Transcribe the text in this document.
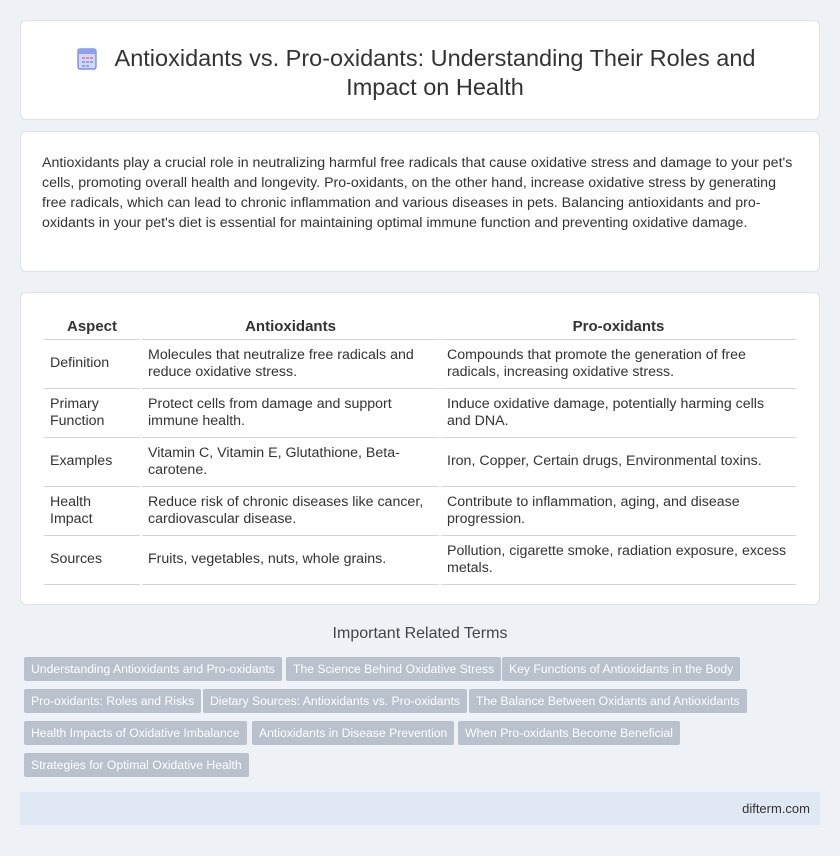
Antioxidants vs. Pro-oxidants: Understanding Their Roles and Impact on Health

Antioxidants play a crucial role in neutralizing harmful free radicals that cause oxidative stress and damage to your pet's cells, promoting overall health and longevity. Pro-oxidants, on the other hand, increase oxidative stress by generating free radicals, which can lead to chronic inflammation and various diseases in pets. Balancing antioxidants and pro-oxidants in your pet's diet is essential for maintaining optimal immune function and preventing oxidative damage.

Aspect	Antioxidants	Pro-oxidants
Definition	Molecules that neutralize free radicals and reduce oxidative stress.	Compounds that promote the generation of free radicals, increasing oxidative stress.
Primary Function	Protect cells from damage and support immune health.	Induce oxidative damage, potentially harming cells and DNA.
Examples	Vitamin C, Vitamin E, Glutathione, Beta-carotene.	Iron, Copper, Certain drugs, Environmental toxins.
Health Impact	Reduce risk of chronic diseases like cancer, cardiovascular disease.	Contribute to inflammation, aging, and disease progression.
Sources	Fruits, vegetables, nuts, whole grains.	Pollution, cigarette smoke, radiation exposure, excess metals.
Important Related Terms
Understanding Antioxidants and Pro-oxidants	The Science Behind Oxidative Stress	Key Functions of Antioxidants in the Body
Pro-oxidants: Roles and Risks	Dietary Sources: Antioxidants vs. Pro-oxidants	The Balance Between Oxidants and Antioxidants
Health Impacts of Oxidative Imbalance	Antioxidants in Disease Prevention	When Pro-oxidants Become Beneficial
Strategies for Optimal Oxidative Health
difterm.com
